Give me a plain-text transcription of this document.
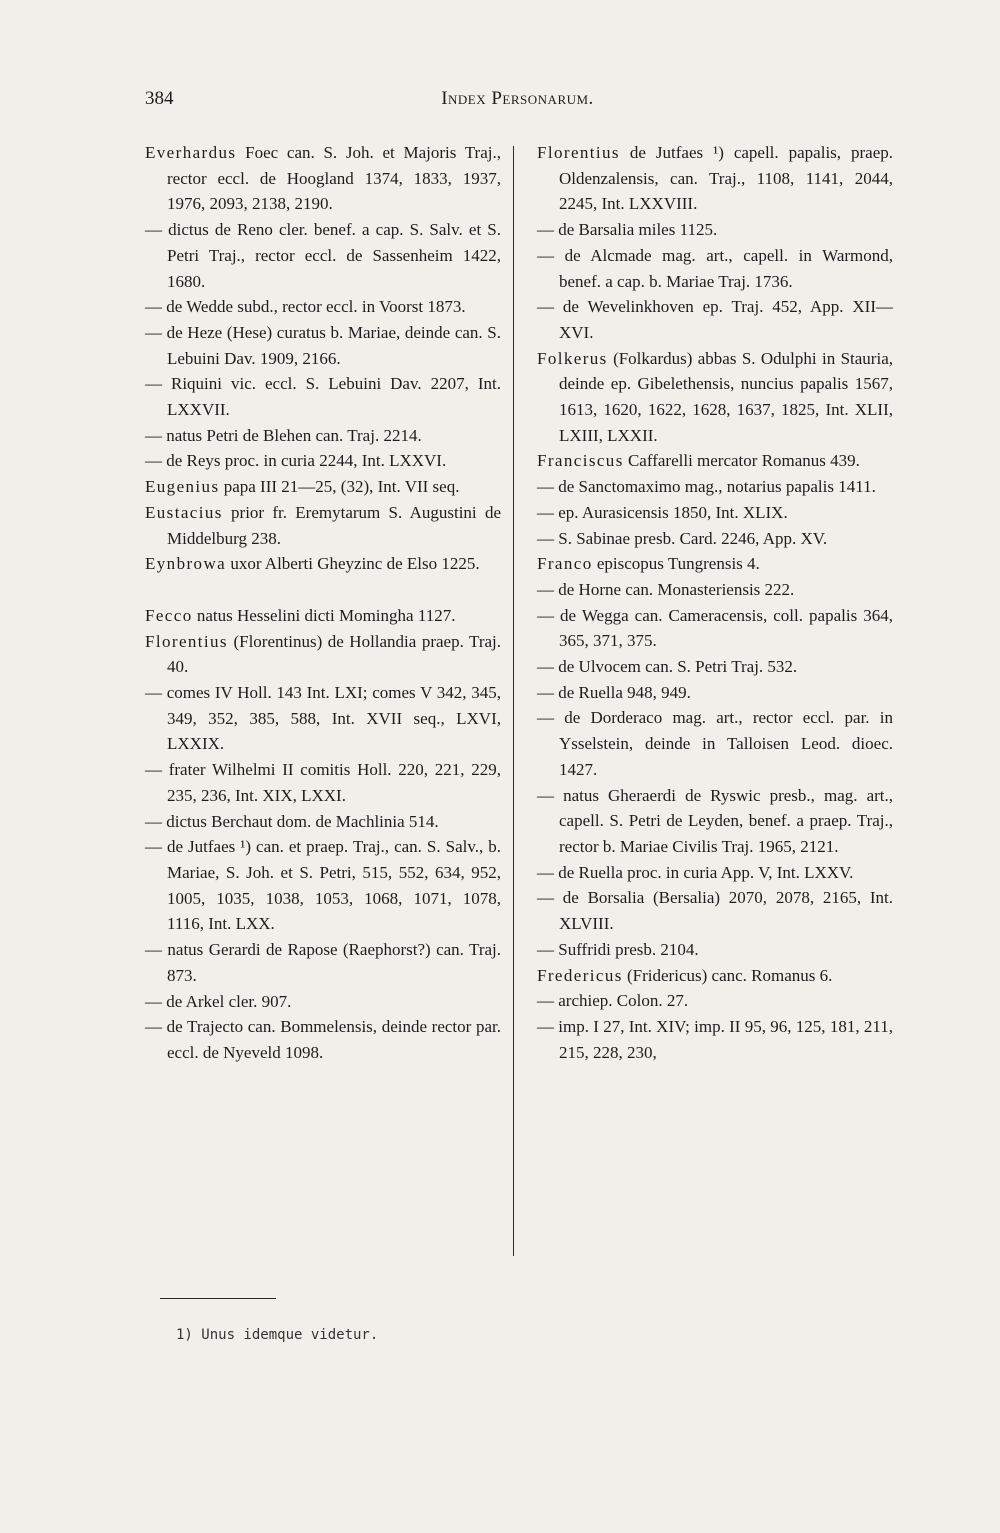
384	Index Personarum.
Everhardus Foec can. S. Joh. et Majoris Traj., rector eccl. de Hoogland 1374, 1833, 1937, 1976, 2093, 2138, 2190.
— dictus de Reno cler. benef. a cap. S. Salv. et S. Petri Traj., rector eccl. de Sassenheim 1422, 1680.
— de Wedde subd., rector eccl. in Voorst 1873.
— de Heze (Hese) curatus b. Mariae, deinde can. S. Lebuini Dav. 1909, 2166.
— Riquini vic. eccl. S. Lebuini Dav. 2207, Int. LXXVII.
— natus Petri de Blehen can. Traj. 2214.
— de Reys proc. in curia 2244, Int. LXXVI.
Eugenius papa III 21—25, (32), Int. VII seq.
Eustacius prior fr. Eremytarum S. Augustini de Middelburg 238.
Eynbrowa uxor Alberti Gheyzinc de Elso 1225.
Fecco natus Hesselini dicti Momingha 1127.
Florentius (Florentinus) de Hollandia praep. Traj. 40.
— comes IV Holl. 143 Int. LXI; comes V 342, 345, 349, 352, 385, 588, Int. XVII seq., LXVI, LXXIX.
— frater Wilhelmi II comitis Holl. 220, 221, 229, 235, 236, Int. XIX, LXXI.
— dictus Berchaut dom. de Machlinia 514.
— de Jutfaes ¹) can. et praep. Traj., can. S. Salv., b. Mariae, S. Joh. et S. Petri, 515, 552, 634, 952, 1005, 1035, 1038, 1053, 1068, 1071, 1078, 1116, Int. LXX.
— natus Gerardi de Rapose (Raephorst?) can. Traj. 873.
— de Arkel cler. 907.
— de Trajecto can. Bommelensis, deinde rector par. eccl. de Nyeveld 1098.
Florentius de Jutfaes ¹) capell. papalis, praep. Oldenzalensis, can. Traj., 1108, 1141, 2044, 2245, Int. LXXVIII.
— de Barsalia miles 1125.
— de Alcmade mag. art., capell. in Warmond, benef. a cap. b. Mariae Traj. 1736.
— de Wevelinkhoven ep. Traj. 452, App. XII—XVI.
Folkerus (Folkardus) abbas S. Odulphi in Stauria, deinde ep. Gibelethensis, nuncius papalis 1567, 1613, 1620, 1622, 1628, 1637, 1825, Int. XLII, LXIII, LXXII.
Franciscus Caffarelli mercator Romanus 439.
— de Sanctomaximo mag., notarius papalis 1411.
— ep. Aurasicensis 1850, Int. XLIX.
— S. Sabinae presb. Card. 2246, App. XV.
Franco episcopus Tungrensis 4.
— de Horne can. Monasteriensis 222.
— de Wegga can. Cameracensis, coll. papalis 364, 365, 371, 375.
— de Ulvocem can. S. Petri Traj. 532.
— de Ruella 948, 949.
— de Dorderaco mag. art., rector eccl. par. in Ysselstein, deinde in Talloisen Leod. dioec. 1427.
— natus Gheraerdi de Ryswic presb., mag. art., capell. S. Petri de Leyden, benef. a praep. Traj., rector b. Mariae Civilis Traj. 1965, 2121.
— de Ruella proc. in curia App. V, Int. LXXV.
— de Borsalia (Bersalia) 2070, 2078, 2165, Int. XLVIII.
— Suffridi presb. 2104.
Fredericus (Fridericus) canc. Romanus 6.
— archiep. Colon. 27.
— imp. I 27, Int. XIV; imp. II 95, 96, 125, 181, 211, 215, 228, 230,
1) Unus idemque videtur.
